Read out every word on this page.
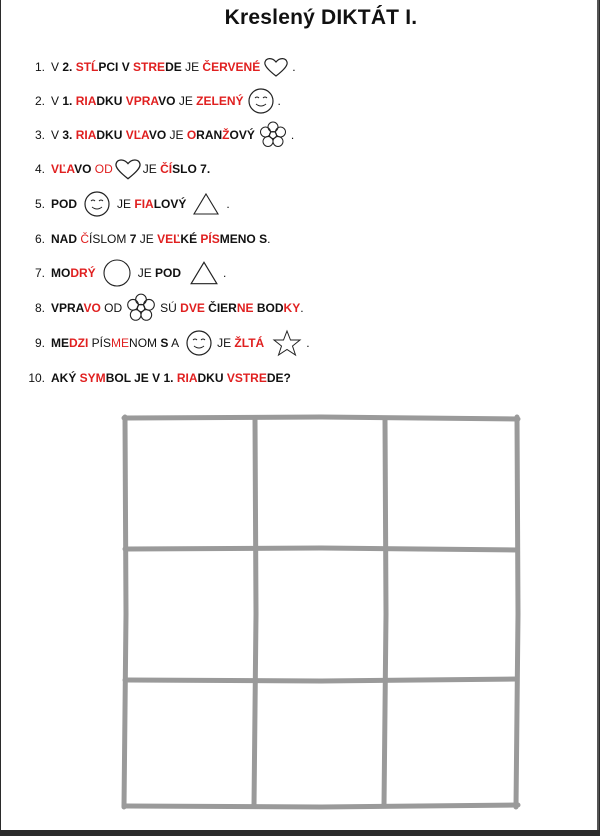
Kreslený DIKTÁT I.
1. V 2. STĹPCI V STREDE JE ČERVENÉ	.
2. V 1. RIADKU VPRAVO JE ZELENÝ	.
3. V 3. RIADKU VĽAVO JE ORANŽOVÝ	.
4. VĽAVO OD	JE ČÍSLO 7.
5. POD	JE FIALOVÝ	.
6. NAD ČÍSLOM 7 JE VEĽKÉ PÍSMENO S.
7. MODRÝ	JE POD	.
8. VPRAVO OD	SÚ DVE ČIERNE BODKY.
9. MEDZI PÍSMENOM S A	JE ŽLTÁ	.
10. AKÝ SYMBOL JE V 1. RIADKU VSTREDE?
